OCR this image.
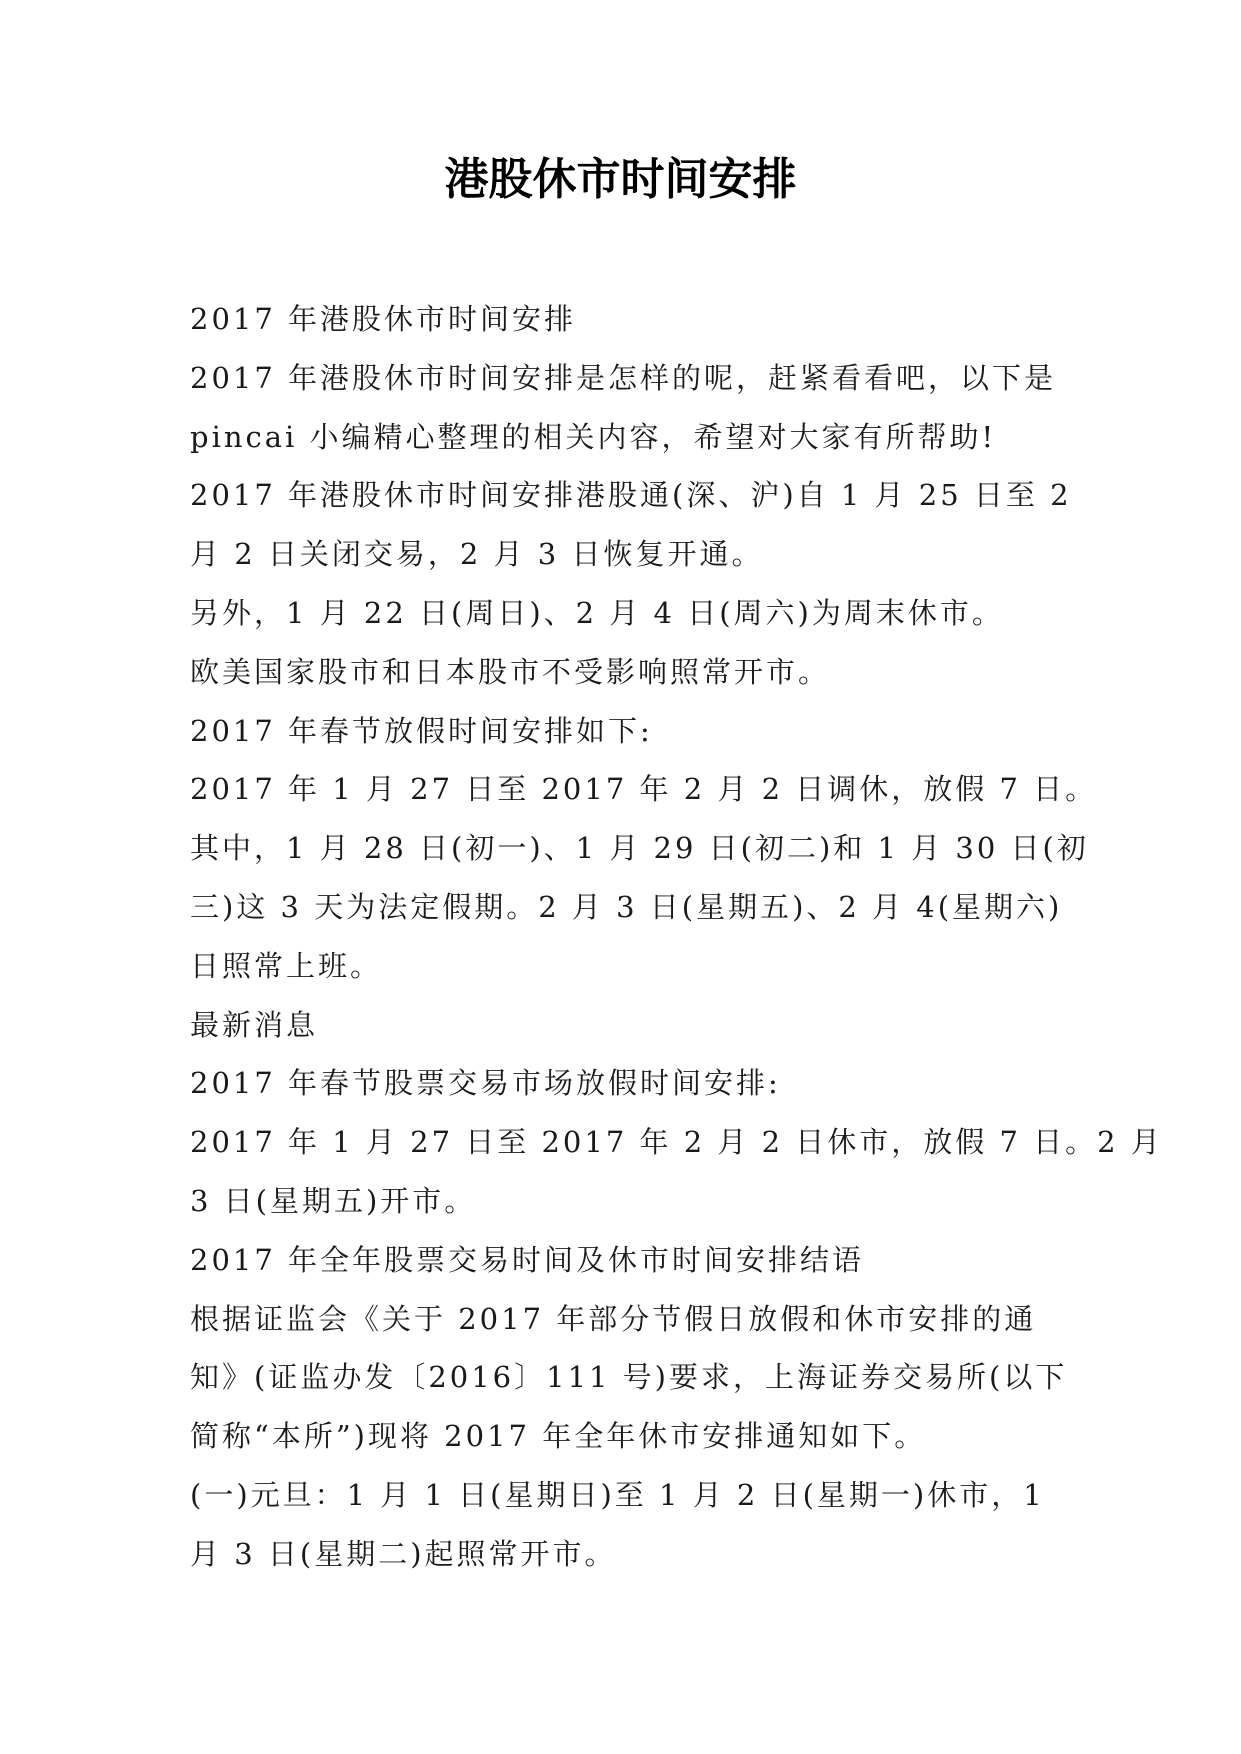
港股休市时间安排
2017 年港股休市时间安排
2017 年港股休市时间安排是怎样的呢，赶紧看看吧，以下是
pincai 小编精心整理的相关内容，希望对大家有所帮助!
2017 年港股休市时间安排港股通(深、沪)自 1 月 25 日至 2
月 2 日关闭交易，2 月 3 日恢复开通。
另外，1 月 22 日(周日)、2 月 4 日(周六)为周末休市。
欧美国家股市和日本股市不受影响照常开市。
2017 年春节放假时间安排如下:
2017 年 1 月 27 日至 2017 年 2 月 2 日调休，放假 7 日。
其中，1 月 28 日(初一)、1 月 29 日(初二)和 1 月 30 日(初
三)这 3 天为法定假期。2 月 3 日(星期五)、2 月 4(星期六)
日照常上班。
最新消息
2017 年春节股票交易市场放假时间安排:
2017 年 1 月 27 日至 2017 年 2 月 2 日休市，放假 7 日。2 月
3 日(星期五)开市。
2017 年全年股票交易时间及休市时间安排结语
根据证监会《关于 2017 年部分节假日放假和休市安排的通
知》(证监办发〔2016〕111 号)要求，上海证券交易所(以下
简称“本所”)现将 2017 年全年休市安排通知如下。
(一)元旦：1 月 1 日(星期日)至 1 月 2 日(星期一)休市，1
月 3 日(星期二)起照常开市。
